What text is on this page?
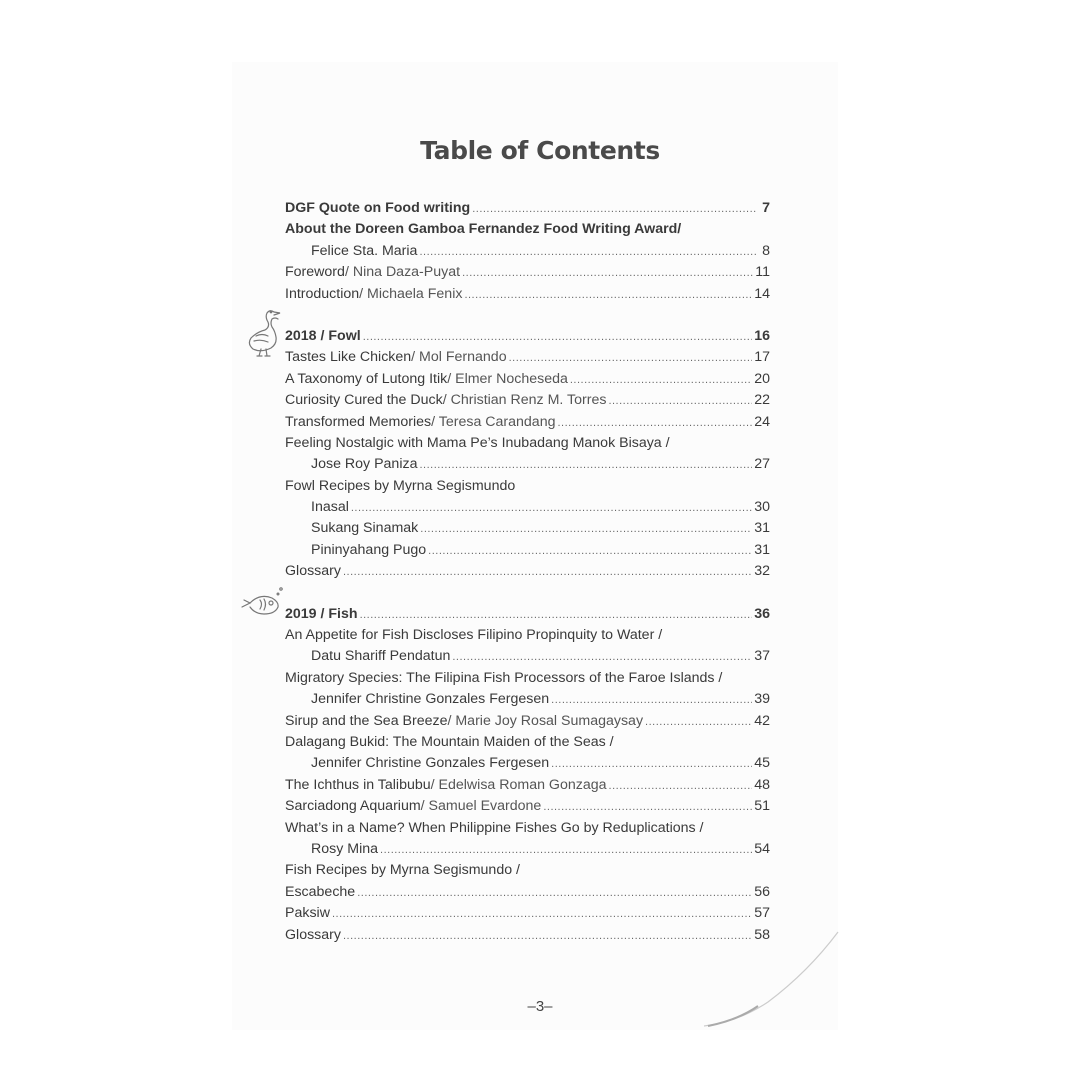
Table of Contents
DGF Quote on Food writing .....	7
About the Doreen Gamboa Fernandez Food Writing Award/
Felice Sta. Maria .....	8
Foreword / Nina Daza-Puyat .....	11
Introduction / Michaela Fenix .....	14
2018 / Fowl .....	16
Tastes Like Chicken / Mol Fernando .....	17
A Taxonomy of Lutong Itik / Elmer Nocheseda .....	20
Curiosity Cured the Duck / Christian Renz M. Torres .....	22
Transformed Memories / Teresa Carandang .....	24
Feeling Nostalgic with Mama Pe’s Inubadang Manok Bisaya /
Jose Roy Paniza .....	27
Fowl Recipes by Myrna Segismundo
Inasal .....	30
Sukang Sinamak .....	31
Pininyahang Pugo .....	31
Glossary .....	32
2019 / Fish .....	36
An Appetite for Fish Discloses Filipino Propinquity to Water /
Datu Shariff Pendatun .....	37
Migratory Species: The Filipina Fish Processors of the Faroe Islands /
Jennifer Christine Gonzales Fergesen .....	39
Sirup and the Sea Breeze / Marie Joy Rosal Sumagaysay .....	42
Dalagang Bukid: The Mountain Maiden of the Seas /
Jennifer Christine Gonzales Fergesen .....	45
The Ichthus in Talibubu / Edelwisa Roman Gonzaga .....	48
Sarciadong Aquarium / Samuel Evardone .....	51
What’s in a Name? When Philippine Fishes Go by Reduplications /
Rosy Mina .....	54
Fish Recipes by Myrna Segismundo /
Escabeche .....	56
Paksiw .....	57
Glossary .....	58
–3–
